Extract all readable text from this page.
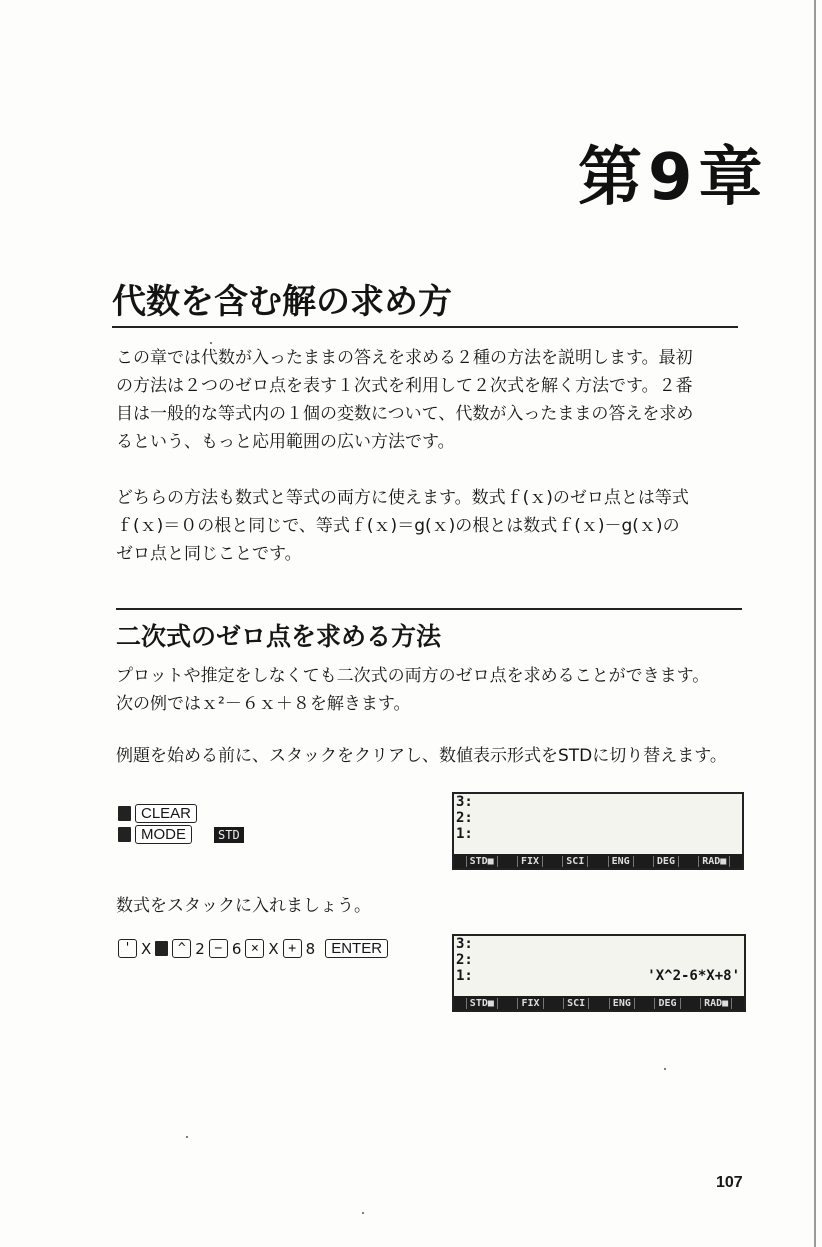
第9章
代数を含む解の求め方
この章では代数が入ったままの答えを求める２種の方法を説明します。最初
の方法は２つのゼロ点を表す１次式を利用して２次式を解く方法です。２番
目は一般的な等式内の１個の変数について、代数が入ったままの答えを求め
るという、もっと応用範囲の広い方法です。
どちらの方法も数式と等式の両方に使えます。数式ｆ(ｘ)のゼロ点とは等式
ｆ(ｘ)＝０の根と同じで、等式ｆ(ｘ)＝g(ｘ)の根とは数式ｆ(ｘ)－g(ｘ)の
ゼロ点と同じことです。
二次式のゼロ点を求める方法
プロットや推定をしなくても二次式の両方のゼロ点を求めることができます。
次の例ではｘ²－６ｘ＋８を解きます。
例題を始める前に、スタックをクリアし、数値表示形式をSTDに切り替えます。
CLEAR
MODE	STD
3:
2:
1:
STD■	FIX	SCI	ENG	DEG	RAD■
数式をスタックに入れましょう。
' X	^ 2 − 6 × X + 8	ENTER	3:
2:
1:	'X^2-6*X+8'
STD■	FIX	SCI	ENG	DEG	RAD■
107
